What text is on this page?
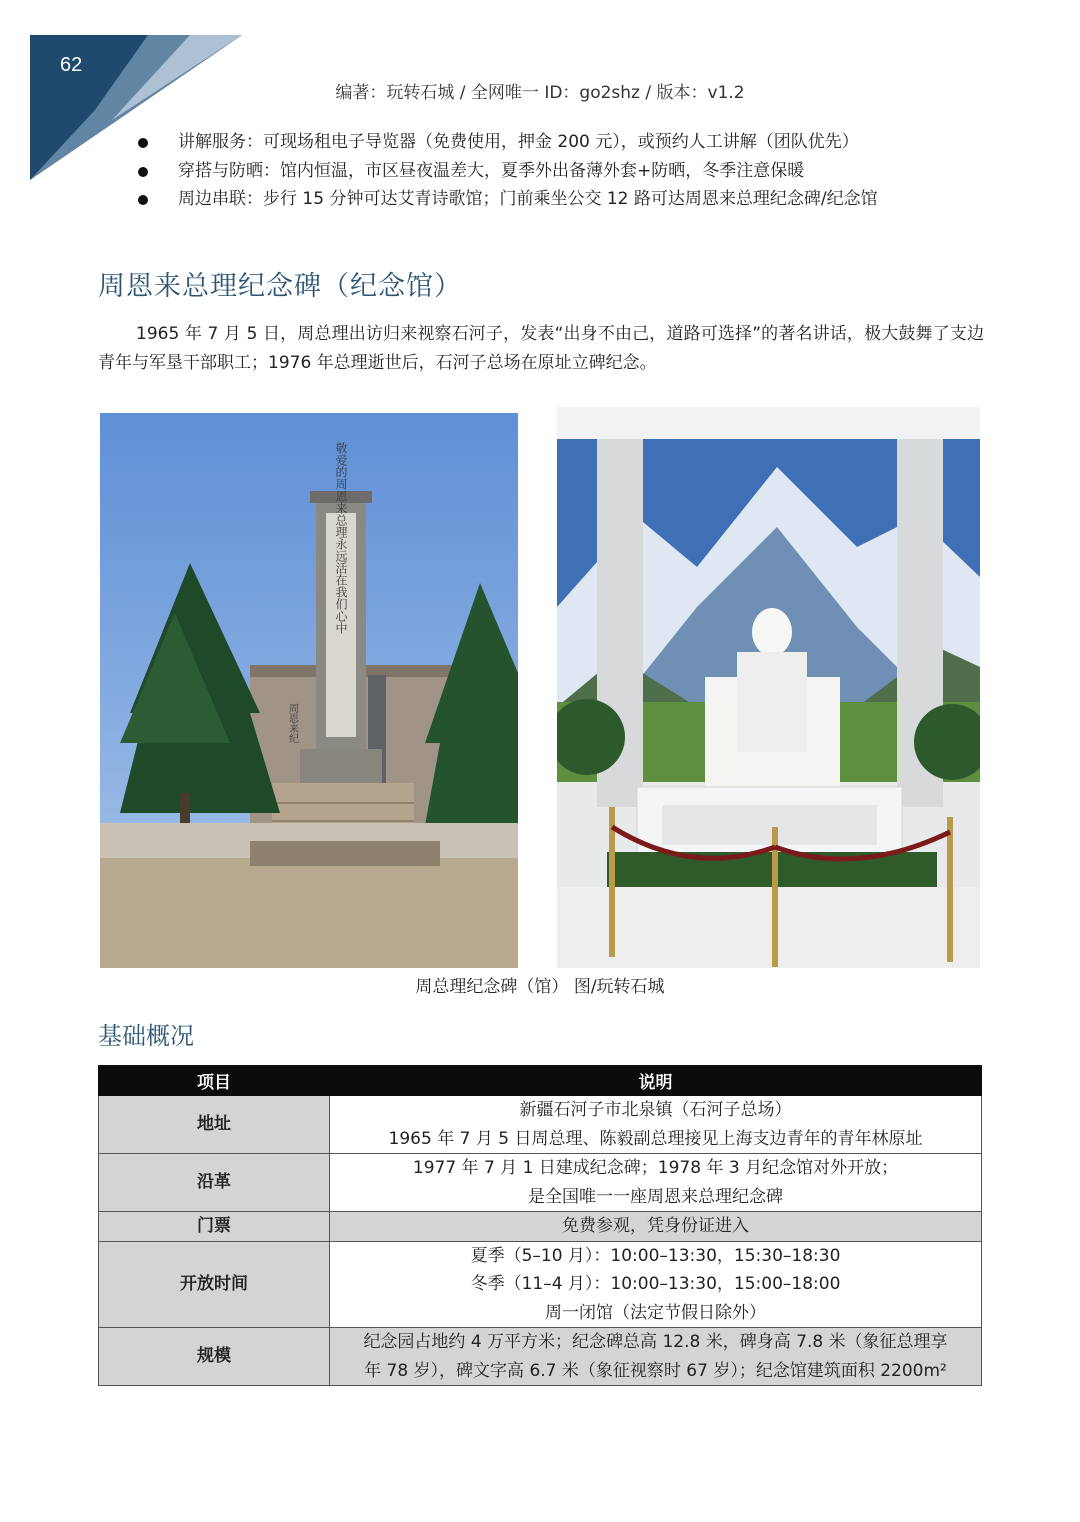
62
编著：玩转石城 / 全网唯一 ID：go2shz / 版本：v1.2
讲解服务：可现场租电子导览器（免费使用，押金 200 元），或预约人工讲解（团队优先）
穿搭与防晒：馆内恒温，市区昼夜温差大，夏季外出备薄外套+防晒，冬季注意保暖
周边串联：步行 15 分钟可达艾青诗歌馆；门前乘坐公交 12 路可达周恩来总理纪念碑/纪念馆
周恩来总理纪念碑（纪念馆）
1965 年 7 月 5 日，周总理出访归来视察石河子，发表“出身不由己，道路可选择”的著名讲话，极大鼓舞了支边青年与军垦干部职工；1976 年总理逝世后，石河子总场在原址立碑纪念。
敬爱的周恩来总理永远活在我们心中
周恩来纪
周总理纪念碑（馆） 图/玩转石城
基础概况
项目	说明
地址	新疆石河子市北泉镇（石河子总场）
1965 年 7 月 5 日周总理、陈毅副总理接见上海支边青年的青年林原址

沿革	1977 年 7 月 1 日建成纪念碑；1978 年 3 月纪念馆对外开放；
是全国唯一一座周恩来总理纪念碑

门票	免费参观，凭身份证进入

开放时间	夏季（5–10 月）：10:00–13:30，15:30–18:30
冬季（11–4 月）：10:00–13:30，15:00–18:00
周一闭馆（法定节假日除外）

规模	纪念园占地约 4 万平方米；纪念碑总高 12.8 米，碑身高 7.8 米（象征总理享
年 78 岁），碑文字高 6.7 米（象征视察时 67 岁）；纪念馆建筑面积 2200m²
